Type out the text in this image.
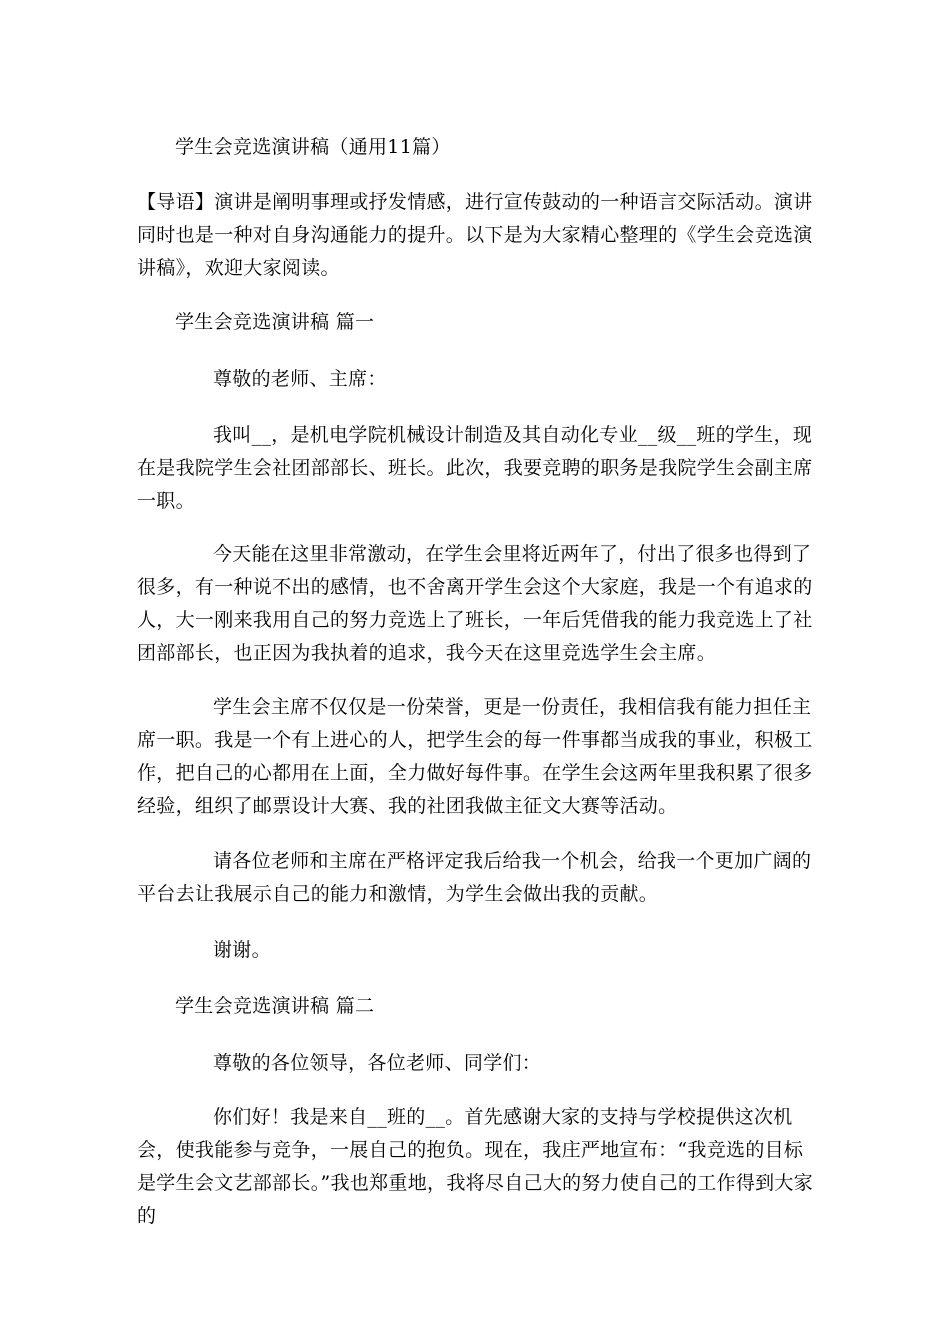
学生会竞选演讲稿（通用11篇）

【导语】演讲是阐明事理或抒发情感，进行宣传鼓动的一种语言交际活动。演讲同时也是一种对自身沟通能力的提升。以下是为大家精心整理的《学生会竞选演讲稿》，欢迎大家阅读。

学生会竞选演讲稿 篇一

尊敬的老师、主席：

我叫__，是机电学院机械设计制造及其自动化专业__级__班的学生，现在是我院学生会社团部部长、班长。此次，我要竞聘的职务是我院学生会副主席一职。

今天能在这里非常激动，在学生会里将近两年了，付出了很多也得到了很多，有一种说不出的感情，也不舍离开学生会这个大家庭，我是一个有追求的人，大一刚来我用自己的努力竞选上了班长，一年后凭借我的能力我竞选上了社团部部长，也正因为我执着的追求，我今天在这里竞选学生会主席。

学生会主席不仅仅是一份荣誉，更是一份责任，我相信我有能力担任主席一职。我是一个有上进心的人，把学生会的每一件事都当成我的事业，积极工作，把自己的心都用在上面，全力做好每件事。在学生会这两年里我积累了很多经验，组织了邮票设计大赛、我的社团我做主征文大赛等活动。

请各位老师和主席在严格评定我后给我一个机会，给我一个更加广阔的平台去让我展示自己的能力和激情，为学生会做出我的贡献。

谢谢。

学生会竞选演讲稿 篇二

尊敬的各位领导，各位老师、同学们：

你们好！我是来自__班的__。首先感谢大家的支持与学校提供这次机会，使我能参与竞争，一展自己的抱负。现在，我庄严地宣布：“我竞选的目标是学生会文艺部部长。”我也郑重地，我将尽自己大的努力使自己的工作得到大家的
